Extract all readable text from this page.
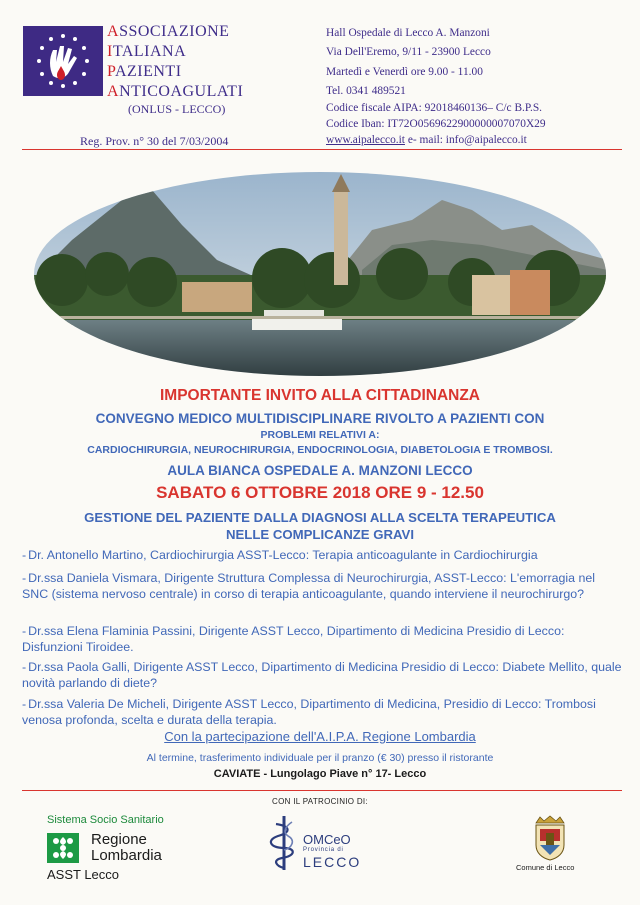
ASSOCIAZIONE
ITALIANA
PAZIENTI
ANTICOAGULATI
(ONLUS - LECCO)
Reg. Prov. n° 30 del 7/03/2004
Hall Ospedale di Lecco A. Manzoni
Via Dell'Eremo, 9/11 - 23900 Lecco
Martedì e Venerdì ore 9.00 - 11.00
Tel. 0341 489521
Codice fiscale AIPA: 92018460136– C/c B.P.S.
Codice Iban: IT72O0569622900000007070X29
www.aipalecco.it e- mail: info@aipalecco.it
IMPORTANTE INVITO ALLA CITTADINANZA
CONVEGNO MEDICO MULTIDISCIPLINARE RIVOLTO A PAZIENTI CON
PROBLEMI RELATIVI A:
CARDIOCHIRURGIA, NEUROCHIRURGIA, ENDOCRINOLOGIA, DIABETOLOGIA E TROMBOSI.
AULA BIANCA OSPEDALE A. MANZONI LECCO
SABATO 6 OTTOBRE 2018 ORE 9 - 12.50
GESTIONE DEL PAZIENTE DALLA DIAGNOSI ALLA SCELTA TERAPEUTICA
NELLE COMPLICANZE GRAVI
- Dr. Antonello Martino, Cardiochirurgia ASST-Lecco: Terapia anticoagulante in Cardiochirurgia
- Dr.ssa Daniela Vismara, Dirigente Struttura Complessa di Neurochirurgia, ASST-Lecco: L'emorragia nel SNC (sistema nervoso centrale) in corso di terapia anticoagulante, quando interviene il neurochirurgo?
- Dr.ssa Elena Flaminia Passini, Dirigente ASST Lecco, Dipartimento di Medicina Presidio di Lecco: Disfunzioni Tiroidee.
- Dr.ssa Paola Galli, Dirigente ASST Lecco, Dipartimento di Medicina Presidio di Lecco: Diabete Mellito, quale novità parlando di diete?
- Dr.ssa Valeria De Micheli, Dirigente ASST Lecco, Dipartimento di Medicina, Presidio di Lecco: Trombosi venosa profonda, scelta e durata della terapia.
Con la partecipazione dell'A.I.P.A. Regione Lombardia
Al termine, trasferimento individuale per il pranzo (€ 30) presso il ristorante
CAVIATE - Lungolago Piave n° 17- Lecco
CON IL PATROCINIO DI:
Sistema Socio Sanitario
Regione
Lombardia
ASST Lecco
OMCeO
Provincia di
LECCO	Comune di Lecco
